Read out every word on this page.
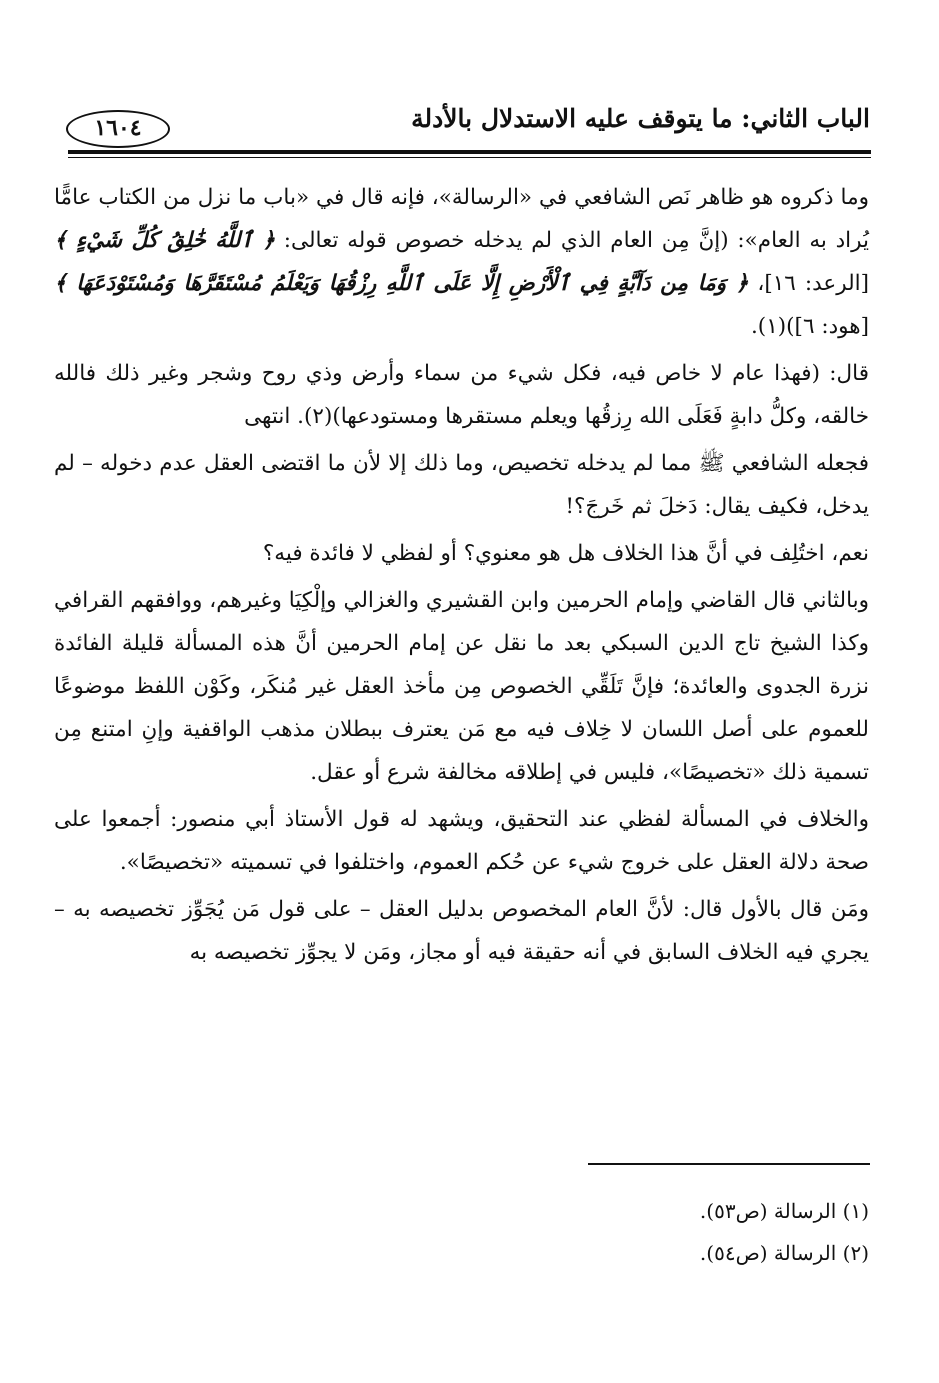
الباب الثاني: ما يتوقف عليه الاستدلال بالأدلة
١٦٠٤

وما ذكروه هو ظاهر نَص الشافعي في «الرسالة»، فإنه قال في «باب ما نزل من الكتاب عامًّا يُراد به العام»: (إنَّ مِن العام الذي لم يدخله خصوص قوله تعالى: ﴿ ٱللَّهُ خَٰلِقُ كُلِّ شَيْءٍ ﴾ [الرعد: ١٦]، ﴿ وَمَا مِن دَآبَّةٍ فِي ٱلْأَرْضِ إِلَّا عَلَى ٱللَّهِ رِزْقُهَا وَيَعْلَمُ مُسْتَقَرَّهَا وَمُسْتَوْدَعَهَا ﴾ [هود: ٦])(١).

قال: (فهذا عام لا خاص فيه، فكل شيء من سماء وأرض وذي روح وشجر وغير ذلك فالله خالقه، وكلُّ دابةٍ فَعَلَى الله رِزقُها ويعلم مستقرها ومستودعها)(٢). انتهى

فجعله الشافعي ﷺ مما لم يدخله تخصيص، وما ذلك إلا لأن ما اقتضى العقل عدم دخوله – لم يدخل، فكيف يقال: دَخلَ ثم خَرجَ؟!

نعم، اختُلِف في أنَّ هذا الخلاف هل هو معنوي؟ أو لفظي لا فائدة فيه؟

وبالثاني قال القاضي وإمام الحرمين وابن القشيري والغزالي وإلْكِيَا وغيرهم، ووافقهم القرافي وكذا الشيخ تاج الدين السبكي بعد ما نقل عن إمام الحرمين أنَّ هذه المسألة قليلة الفائدة نزرة الجدوى والعائدة؛ فإنَّ تَلَقِّي الخصوص مِن مأخذ العقل غير مُنكَر، وكَوْن اللفظ موضوعًا للعموم على أصل اللسان لا خِلاف فيه مع مَن يعترف ببطلان مذهب الواقفية وإنِ امتنع مِن تسمية ذلك «تخصيصًا»، فليس في إطلاقه مخالفة شرع أو عقل.

والخلاف في المسألة لفظي عند التحقيق، ويشهد له قول الأستاذ أبي منصور: أجمعوا على صحة دلالة العقل على خروج شيء عن حُكم العموم، واختلفوا في تسميته «تخصيصًا».

ومَن قال بالأول قال: لأنَّ العام المخصوص بدليل العقل – على قول مَن يُجَوِّز تخصيصه به – يجري فيه الخلاف السابق في أنه حقيقة فيه أو مجاز، ومَن لا يجوِّز تخصيصه به

(١) الرسالة (ص٥٣).

(٢) الرسالة (ص٥٤).
